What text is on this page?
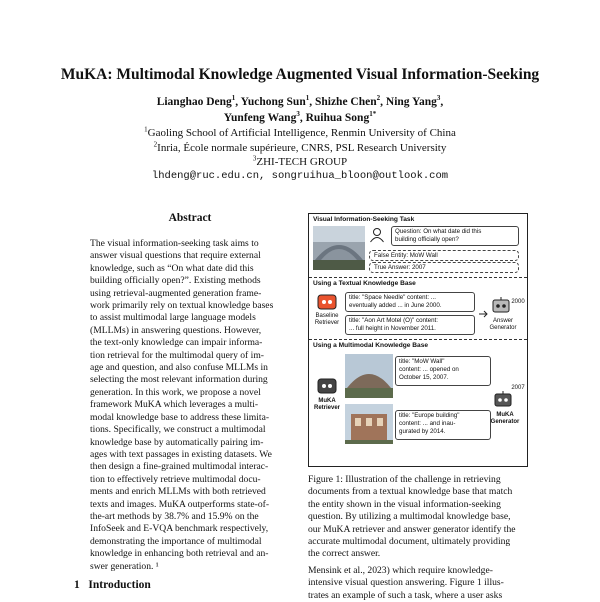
MuKA: Multimodal Knowledge Augmented Visual Information-Seeking
Lianghao Deng$^1$, Yuchong Sun$^1$, Shizhe Chen$^2$, Ning Yang$^3$,
Yunfeng Wang$^3$, Ruihua Song$^{1*}$
$^1$Gaoling School of Artificial Intelligence, Renmin University of China
$^2$Inria, École normale supérieure, CNRS, PSL Research University
$^3$ZHI-TECH GROUP
lhdeng@ruc.edu.cn, songruihua_bloon@outlook.com
Abstract
The visual information-seeking task aims to
answer visual questions that require external
knowledge, such as “On what date did this
building officially open?”. Existing methods
using retrieval-augmented generation frame-
work primarily rely on textual knowledge bases
to assist multimodal large language models
(MLLMs) in answering questions. However,
the text-only knowledge can impair informa-
tion retrieval for the multimodal query of im-
age and question, and also confuse MLLMs in
selecting the most relevant information during
generation. In this work, we propose a novel
framework MuKA which leverages a multi-
modal knowledge base to address these limita-
tions. Specifically, we construct a multimodal
knowledge base by automatically pairing im-
ages with text passages in existing datasets. We
then design a fine-grained multimodal interac-
tion to effectively retrieve multimodal docu-
ments and enrich MLLMs with both retrieved
texts and images. MuKA outperforms state-of-
the-art methods by 38.7% and 15.9% on the
InfoSeek and E-VQA benchmark respectively,
demonstrating the importance of multimodal
knowledge in enhancing both retrieval and an-
swer generation. ¹
1 Introduction
Visual Information-Seeking Task
Question: On what date did this
building officially open?
False Entity: MoW Wall
True Answer: 2007
Using a Textual Knowledge Base
Baseline
Retriever
title: "Space Needle" content: ...
eventually added ... in June 2000.
title: "Aon Art Motel (O)" content:
... full height in November 2011.
2000
Answer
Generator
Using a Multimodal Knowledge Base
MuKA
Retriever
title: "MoW Wall"
content: ... opened on
October 15, 2007.
title: "Europe building"
content: ... and inau-
gurated by 2014.
2007
MuKA
Generator
Figure 1: Illustration of the challenge in retrieving
documents from a textual knowledge base that match
the entity shown in the visual information-seeking
question. By utilizing a multimodal knowledge base,
our MuKA retriever and answer generator identify the
accurate multimodal document, ultimately providing
the correct answer.
Mensink et al., 2023) which require knowledge-
intensive visual question answering. Figure 1 illus-
trates an example of such a task, where a user asks
